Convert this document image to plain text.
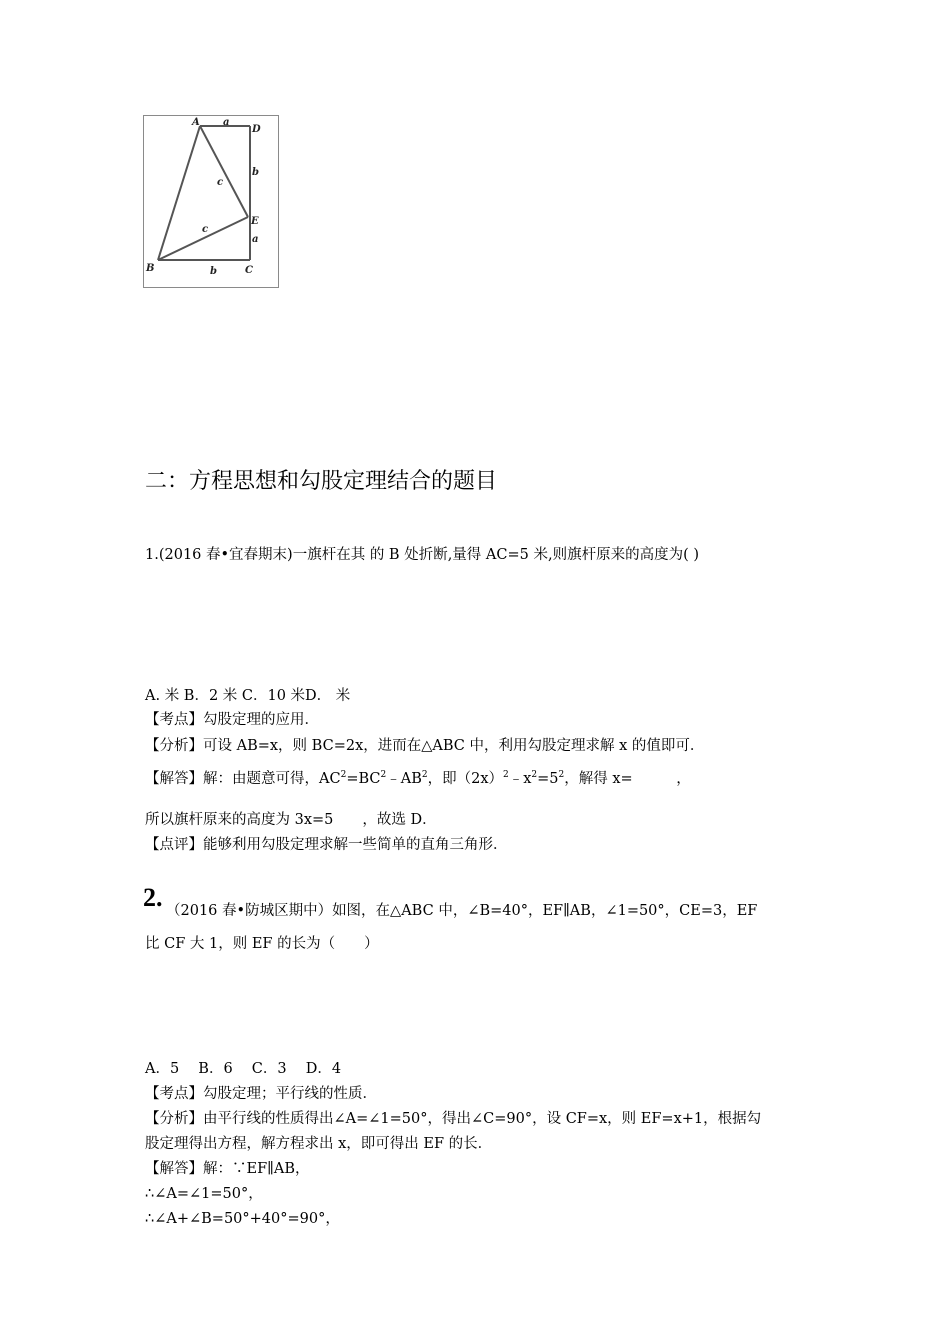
A
D
E
B	C
a
b
a
b
c
c
二：方程思想和勾股定理结合的题目
1.(2016 春•宜春期末)一旗杆在其 的 B 处折断,量得 AC=5 米,则旗杆原来的高度为( )
A. 米 B．2 米 C．10 米D． 米
【考点】勾股定理的应用．
【分析】可设 AB=x，则 BC=2x，进而在△ABC 中，利用勾股定理求解 x 的值即可．
【解答】解：由题意可得，$AC^2=BC^2﹣AB^2$，即$(2x)^2﹣x^2=5^2$，解得 x=　　　，
所以旗杆原来的高度为 3x=5　　，故选 D．
【点评】能够利用勾股定理求解一些简单的直角三角形．
2. （2016 春•防城区期中）如图，在△ABC 中，∠B=40°，EF∥AB，∠1=50°，CE=3，EF
比 CF 大 1，则 EF 的长为（　　）
A．5　 B．6　 C．3　 D．4
【考点】勾股定理；平行线的性质．
【分析】由平行线的性质得出∠A=∠1=50°，得出∠C=90°，设 CF=x，则 EF=x+1，根据勾
股定理得出方程，解方程求出 x，即可得出 EF 的长．
【解答】解：∵EF∥AB，
∴∠A=∠1=50°，
∴∠A+∠B=50°+40°=90°，
